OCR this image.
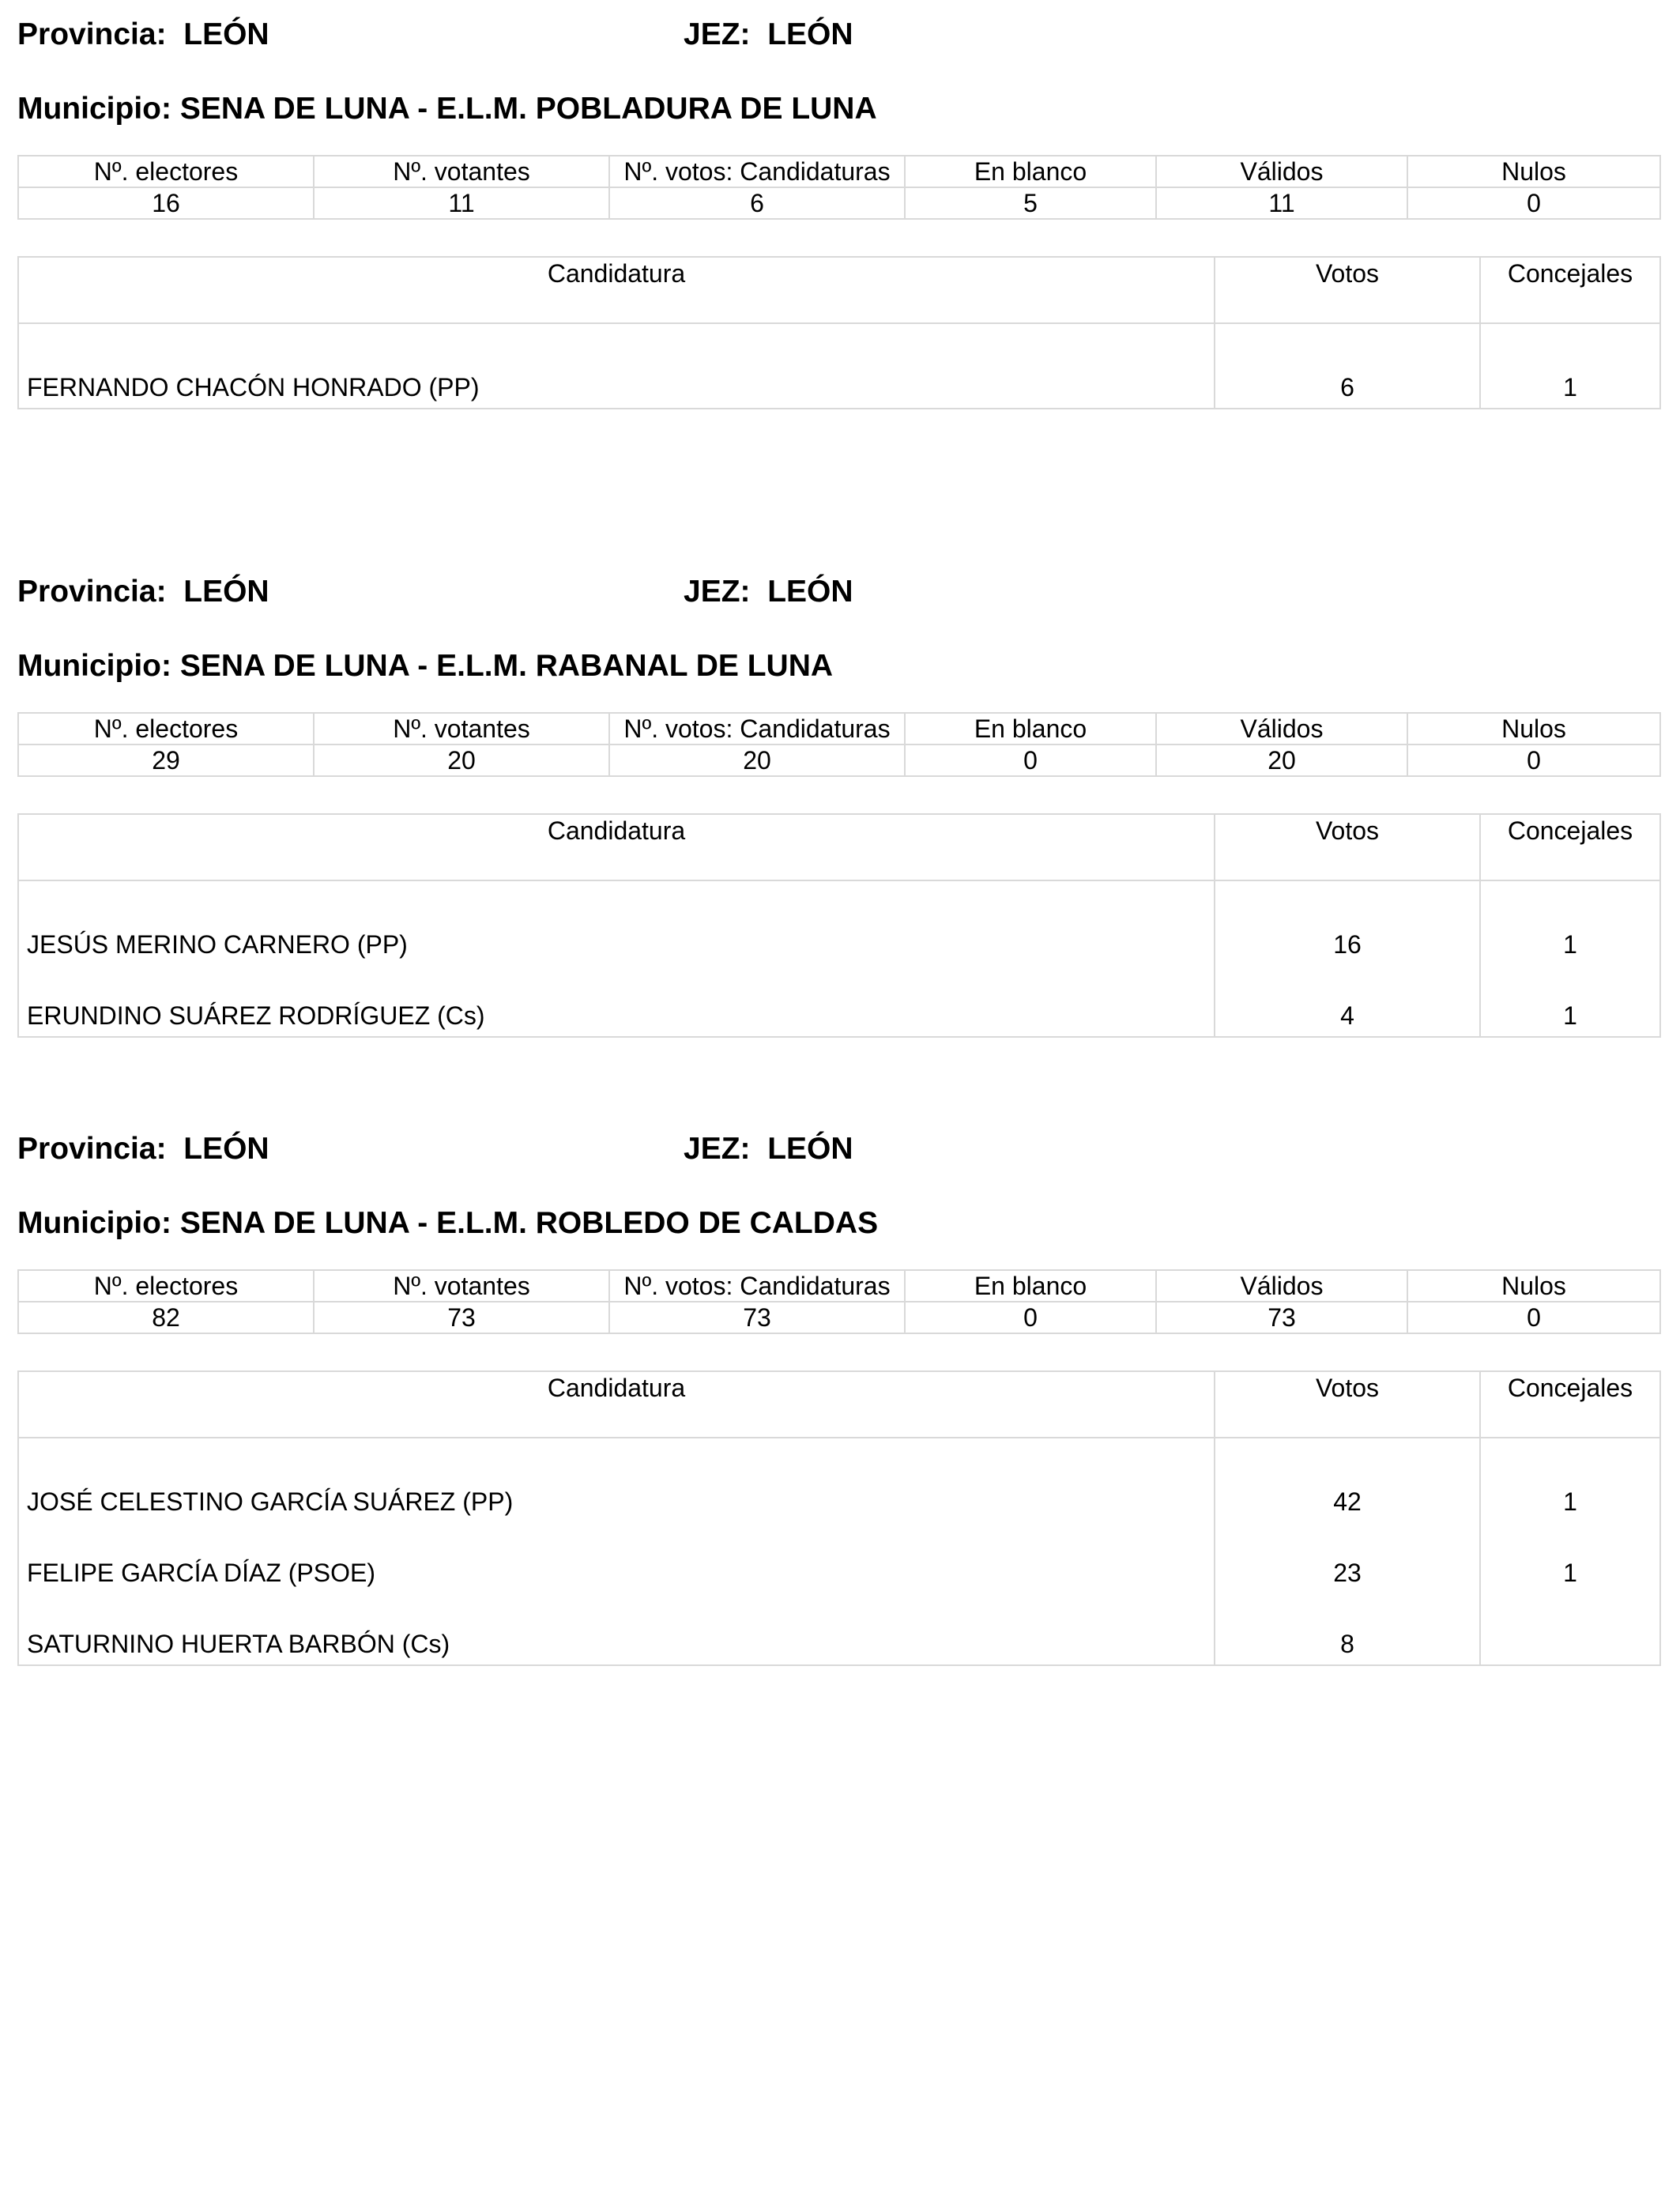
Provincia: LEÓN	JEZ: LEÓN
Municipio: SENA DE LUNA - E.L.M. POBLADURA DE LUNA
Nº. electores	Nº. votantes	Nº. votos: Candidaturas	En blanco	Válidos	Nulos
16	11	6	5	11	0
Candidatura	Votos	Concejales
FERNANDO CHACÓN HONRADO (PP)	6	1
Provincia: LEÓN	JEZ: LEÓN
Municipio: SENA DE LUNA - E.L.M. RABANAL DE LUNA
Nº. electores	Nº. votantes	Nº. votos: Candidaturas	En blanco	Válidos	Nulos
29	20	20	0	20	0
Candidatura	Votos	Concejales
JESÚS MERINO CARNERO (PP)	16	1
ERUNDINO SUÁREZ RODRÍGUEZ (Cs)	4	1
Provincia: LEÓN	JEZ: LEÓN
Municipio: SENA DE LUNA - E.L.M. ROBLEDO DE CALDAS
Nº. electores	Nº. votantes	Nº. votos: Candidaturas	En blanco	Válidos	Nulos
82	73	73	0	73	0
Candidatura	Votos	Concejales
JOSÉ CELESTINO GARCÍA SUÁREZ (PP)	42	1
FELIPE GARCÍA DÍAZ (PSOE)	23	1
SATURNINO HUERTA BARBÓN (Cs)	8	
